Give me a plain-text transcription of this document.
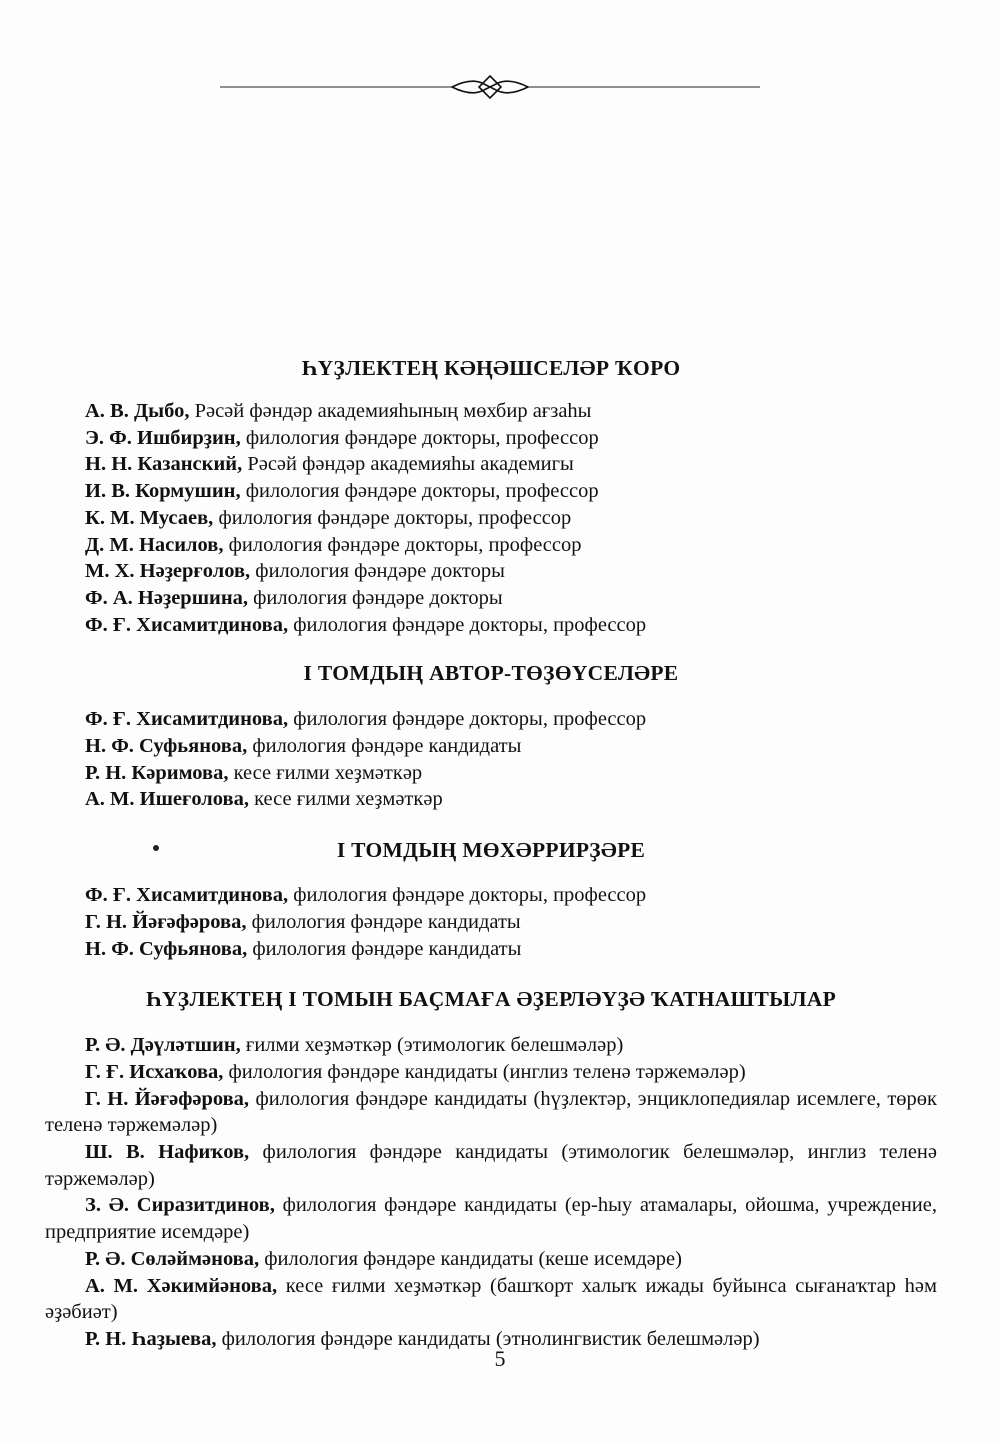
ҺҮҘЛЕКТЕҢ КӘҢӘШСЕЛӘР ҠОРО
А. В. Дыбо, Рәсәй фәндәр академияһының мөхбир ағзаһы
Э. Ф. Ишбирҙин, филология фәндәре докторы, профессор
Н. Н. Казанский, Рәсәй фәндәр академияһы академигы
И. В. Кормушин, филология фәндәре докторы, профессор
К. М. Мусаев, филология фәндәре докторы, профессор
Д. М. Насилов, филология фәндәре докторы, профессор
М. Х. Нәҙерғолов, филология фәндәре докторы
Ф. А. Нәҙершина, филология фәндәре докторы
Ф. Ғ. Хисамитдинова, филология фәндәре докторы, профессор
I ТОМДЫҢ АВТОР-ТӨҘӨҮСЕЛӘРЕ
Ф. Ғ. Хисамитдинова, филология фәндәре докторы, профессор
Н. Ф. Суфьянова, филология фәндәре кандидаты
Р. Н. Кәримова, кесе ғилми хеҙмәткәр
А. М. Ишеғолова, кесе ғилми хеҙмәткәр
I ТОМДЫҢ МӨХӘРРИРҘӘРЕ
Ф. Ғ. Хисамитдинова, филология фәндәре докторы, профессор
Г. Н. Йәғәфәрова, филология фәндәре кандидаты
Н. Ф. Суфьянова, филология фәндәре кандидаты
ҺҮҘЛЕКТЕҢ I ТОМЫН БАҪМАҒА ӘҘЕРЛӘҮҘӘ ҠАТНАШТЫЛАР
Р. Ә. Дәүләтшин, ғилми хеҙмәткәр (этимологик белешмәләр)
Г. Ғ. Исхаҡова, филология фәндәре кандидаты (инглиз теленә тәржемәләр)
Г. Н. Йәғәфәрова, филология фәндәре кандидаты (һүҙлектәр, энциклопедиялар исемлегe, төрөк теленә тәржемәләр)
Ш. В. Нафиҡов, филология фәндәре кандидаты (этимологик белешмәләр, инглиз теленә тәржемәләр)
З. Ә. Сиразитдинов, филология фәндәре кандидаты (ер-һыу атамалары, ойошма, учреждение, предприятие исемдәре)
Р. Ә. Сөләймәнова, филология фәндәре кандидаты (кеше исемдәре)
А. М. Хәкимйәнова, кесе ғилми хеҙмәткәр (башҡорт халыҡ ижады буйынса сығанаҡтар һәм әҙәбиәт)
Р. Н. Һаҙыева, филология фәндәре кандидаты (этнолингвистик белешмәләр)
5
